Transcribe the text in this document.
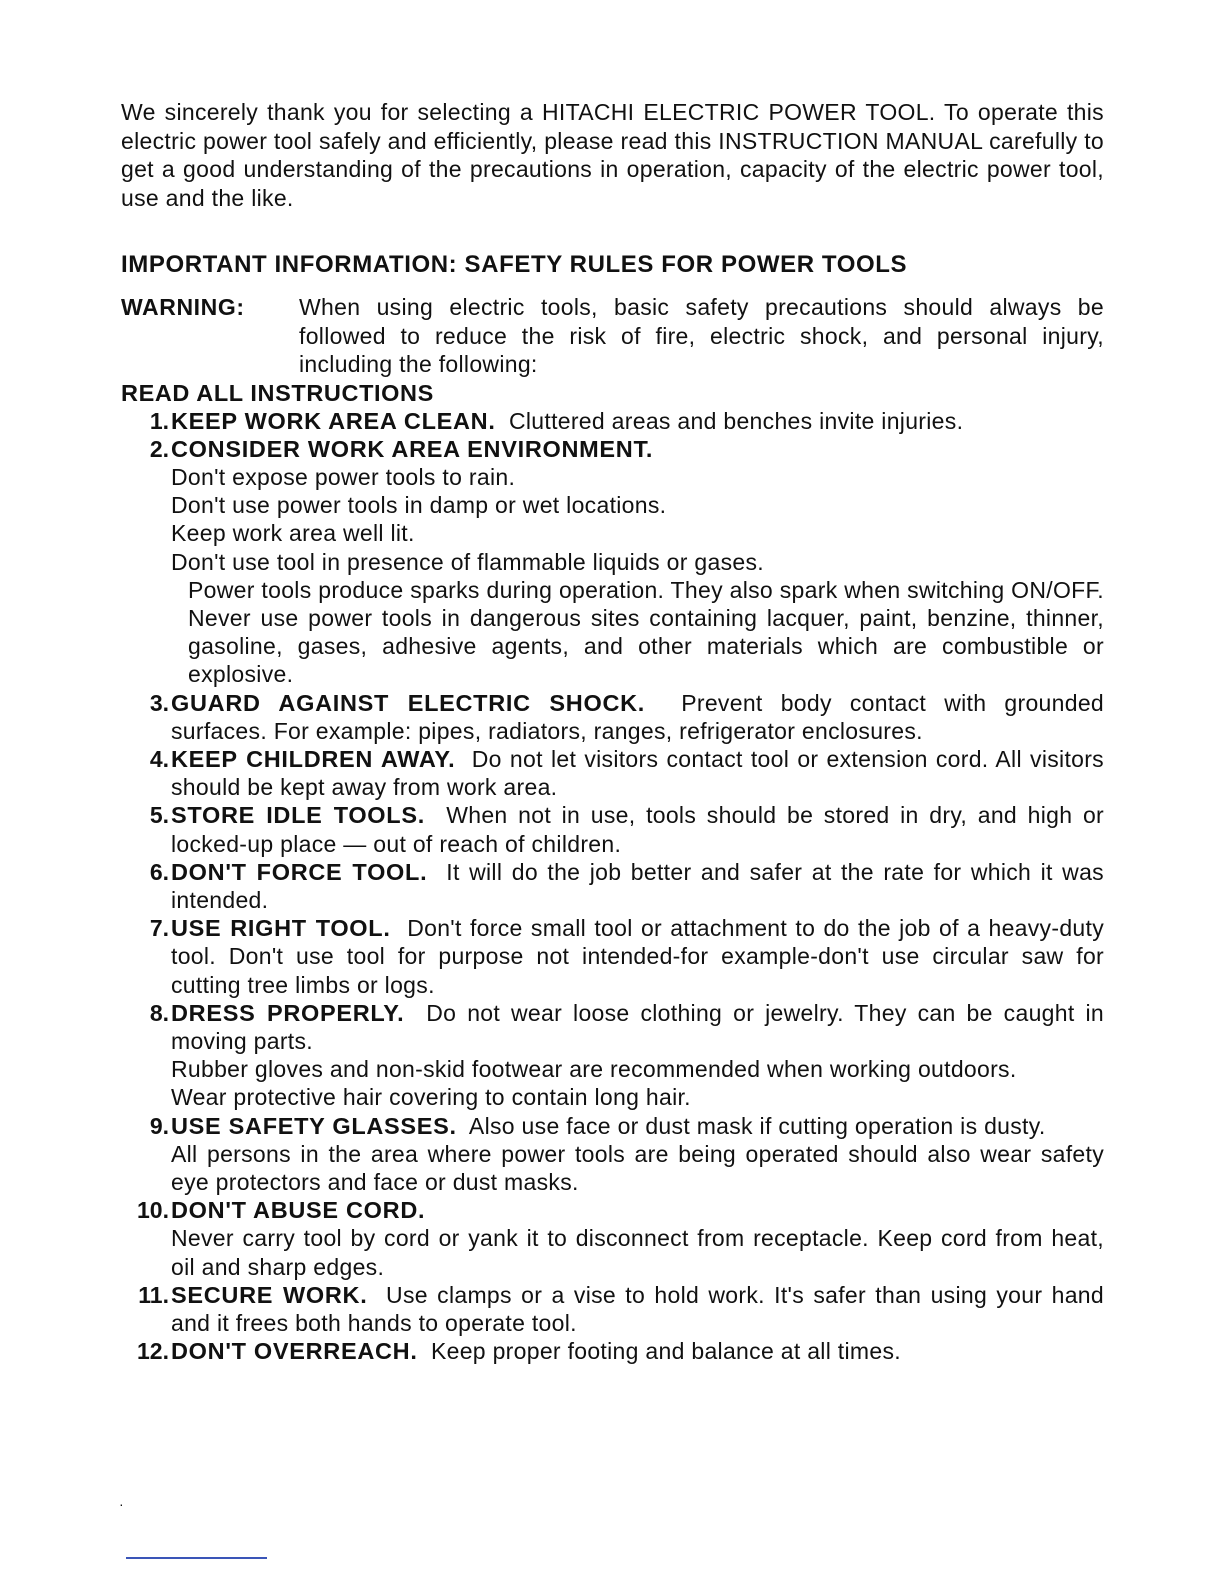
We sincerely thank you for selecting a HITACHI ELECTRIC POWER TOOL. To operate this electric power tool safely and efficiently, please read this INSTRUCTION MANUAL carefully to get a good understanding of the precautions in operation, capacity of the electric power tool, use and the like.

IMPORTANT INFORMATION: SAFETY RULES FOR POWER TOOLS
WARNING:	When using electric tools, basic safety precautions should always be followed to reduce the risk of fire, electric shock, and personal injury, including the following:
READ ALL INSTRUCTIONS
1. KEEP WORK AREA CLEAN. Cluttered areas and benches invite injuries.
2. CONSIDER WORK AREA ENVIRONMENT.
Don't expose power tools to rain.
Don't use power tools in damp or wet locations.
Keep work area well lit.
Don't use tool in presence of flammable liquids or gases.
Power tools produce sparks during operation. They also spark when switching ON/OFF. Never use power tools in dangerous sites containing lacquer, paint, benzine, thinner, gasoline, gases, adhesive agents, and other materials which are combustible or explosive.
3. GUARD AGAINST ELECTRIC SHOCK. Prevent body contact with grounded surfaces. For example: pipes, radiators, ranges, refrigerator enclosures.
4. KEEP CHILDREN AWAY. Do not let visitors contact tool or extension cord. All visitors should be kept away from work area.
5. STORE IDLE TOOLS. When not in use, tools should be stored in dry, and high or locked-up place — out of reach of children.
6. DON'T FORCE TOOL. It will do the job better and safer at the rate for which it was intended.
7. USE RIGHT TOOL. Don't force small tool or attachment to do the job of a heavy-duty tool. Don't use tool for purpose not intended-for example-don't use circular saw for cutting tree limbs or logs.
8. DRESS PROPERLY. Do not wear loose clothing or jewelry. They can be caught in moving parts.
Rubber gloves and non-skid footwear are recommended when working outdoors.
Wear protective hair covering to contain long hair.
9. USE SAFETY GLASSES. Also use face or dust mask if cutting operation is dusty.
All persons in the area where power tools are being operated should also wear safety eye protectors and face or dust masks.
10. DON'T ABUSE CORD.
Never carry tool by cord or yank it to disconnect from receptacle. Keep cord from heat, oil and sharp edges.
11. SECURE WORK. Use clamps or a vise to hold work. It's safer than using your hand and it frees both hands to operate tool.
12. DON'T OVERREACH. Keep proper footing and balance at all times.
·
